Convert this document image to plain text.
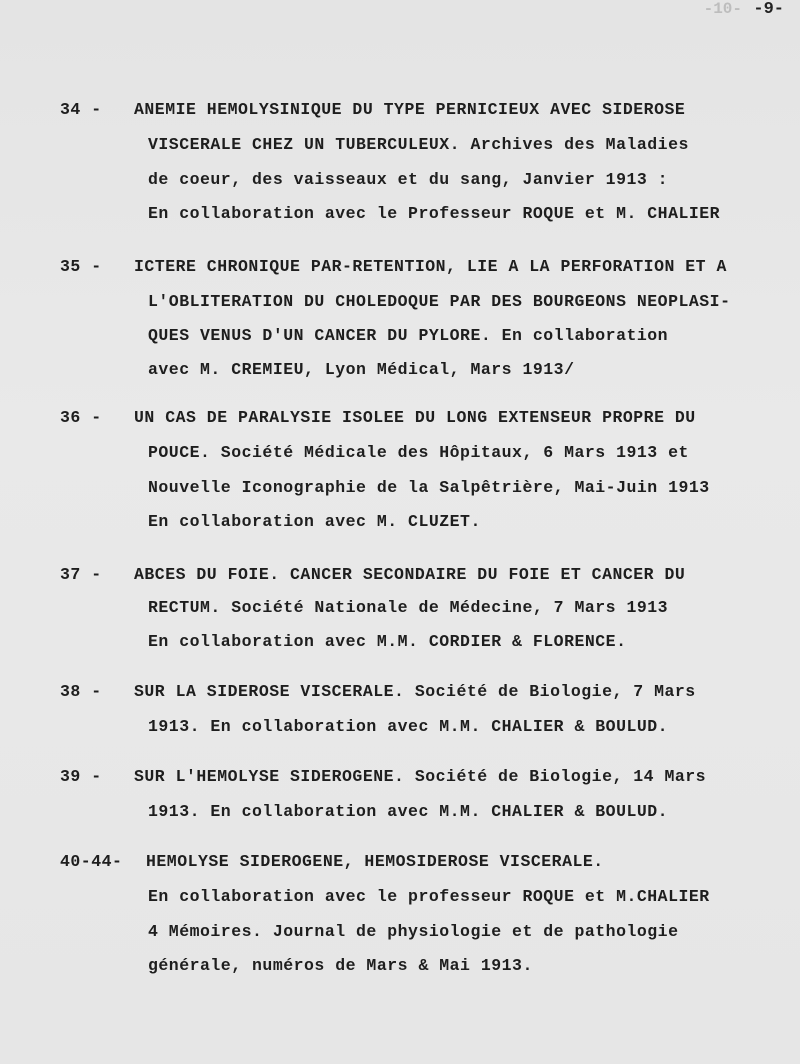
-10- -9-
34 - ANEMIE HEMOLYSINIQUE DU TYPE PERNICIEUX AVEC SIDEROSE
VISCERALE CHEZ UN TUBERCULEUX. Archives des Maladies
de coeur, des vaisseaux et du sang, Janvier 1913 :
En collaboration avec le Professeur ROQUE et M. CHALIER
35 - ICTERE CHRONIQUE PAR-RETENTION, LIE A LA PERFORATION ET A
L'OBLITERATION DU CHOLEDOQUE PAR DES BOURGEONS NEOPLASI-
QUES VENUS D'UN CANCER DU PYLORE. En collaboration
avec M. CREMIEU, Lyon Médical, Mars 1913/
36 - UN CAS DE PARALYSIE ISOLEE DU LONG EXTENSEUR PROPRE DU
POUCE. Société Médicale des Hôpitaux, 6 Mars 1913 et
Nouvelle Iconographie de la Salpêtrière, Mai-Juin 1913
En collaboration avec M. CLUZET.
37 - ABCES DU FOIE. CANCER SECONDAIRE DU FOIE ET CANCER DU
RECTUM. Société Nationale de Médecine, 7 Mars 1913
En collaboration avec M.M. CORDIER & FLORENCE.
38 - SUR LA SIDEROSE VISCERALE. Société de Biologie, 7 Mars
1913. En collaboration avec M.M. CHALIER & BOULUD.
39 - SUR L'HEMOLYSE SIDEROGENE. Société de Biologie, 14 Mars
1913. En collaboration avec M.M. CHALIER & BOULUD.
40-44- HEMOLYSE SIDEROGENE, HEMOSIDEROSE VISCERALE.
En collaboration avec le professeur ROQUE et M.CHALIER
4 Mémoires. Journal de physiologie et de pathologie
générale, numéros de Mars & Mai 1913.
